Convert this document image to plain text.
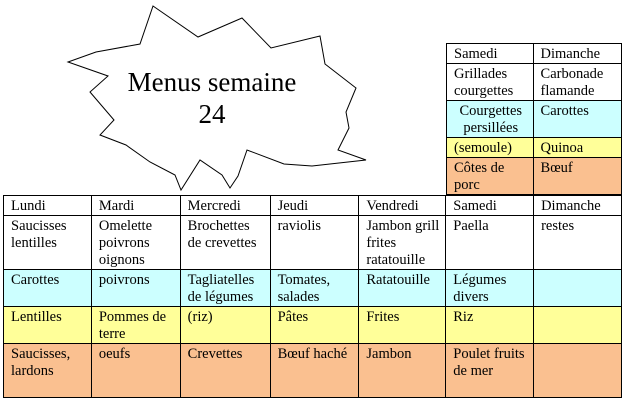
Menus semaine
24
Samedi	Dimanche
Grillades courgettes	Carbonade flamande
Courgettes persillées	Carottes
(semoule)	Quinoa
Côtes de porc	Bœuf
Lundi	Mardi	Mercredi	Jeudi	Vendredi	Samedi	Dimanche
Saucisses lentilles	Omelette poivrons oignons	Brochettes de crevettes	raviolis	Jambon grill frites ratatouille	Paella	restes
Carottes	poivrons	Tagliatelles de légumes	Tomates, salades	Ratatouille	Légumes divers	
Lentilles	Pommes de terre	(riz)	Pâtes	Frites	Riz	
Saucisses, lardons	oeufs	Crevettes	Bœuf haché	Jambon	Poulet fruits de mer	
